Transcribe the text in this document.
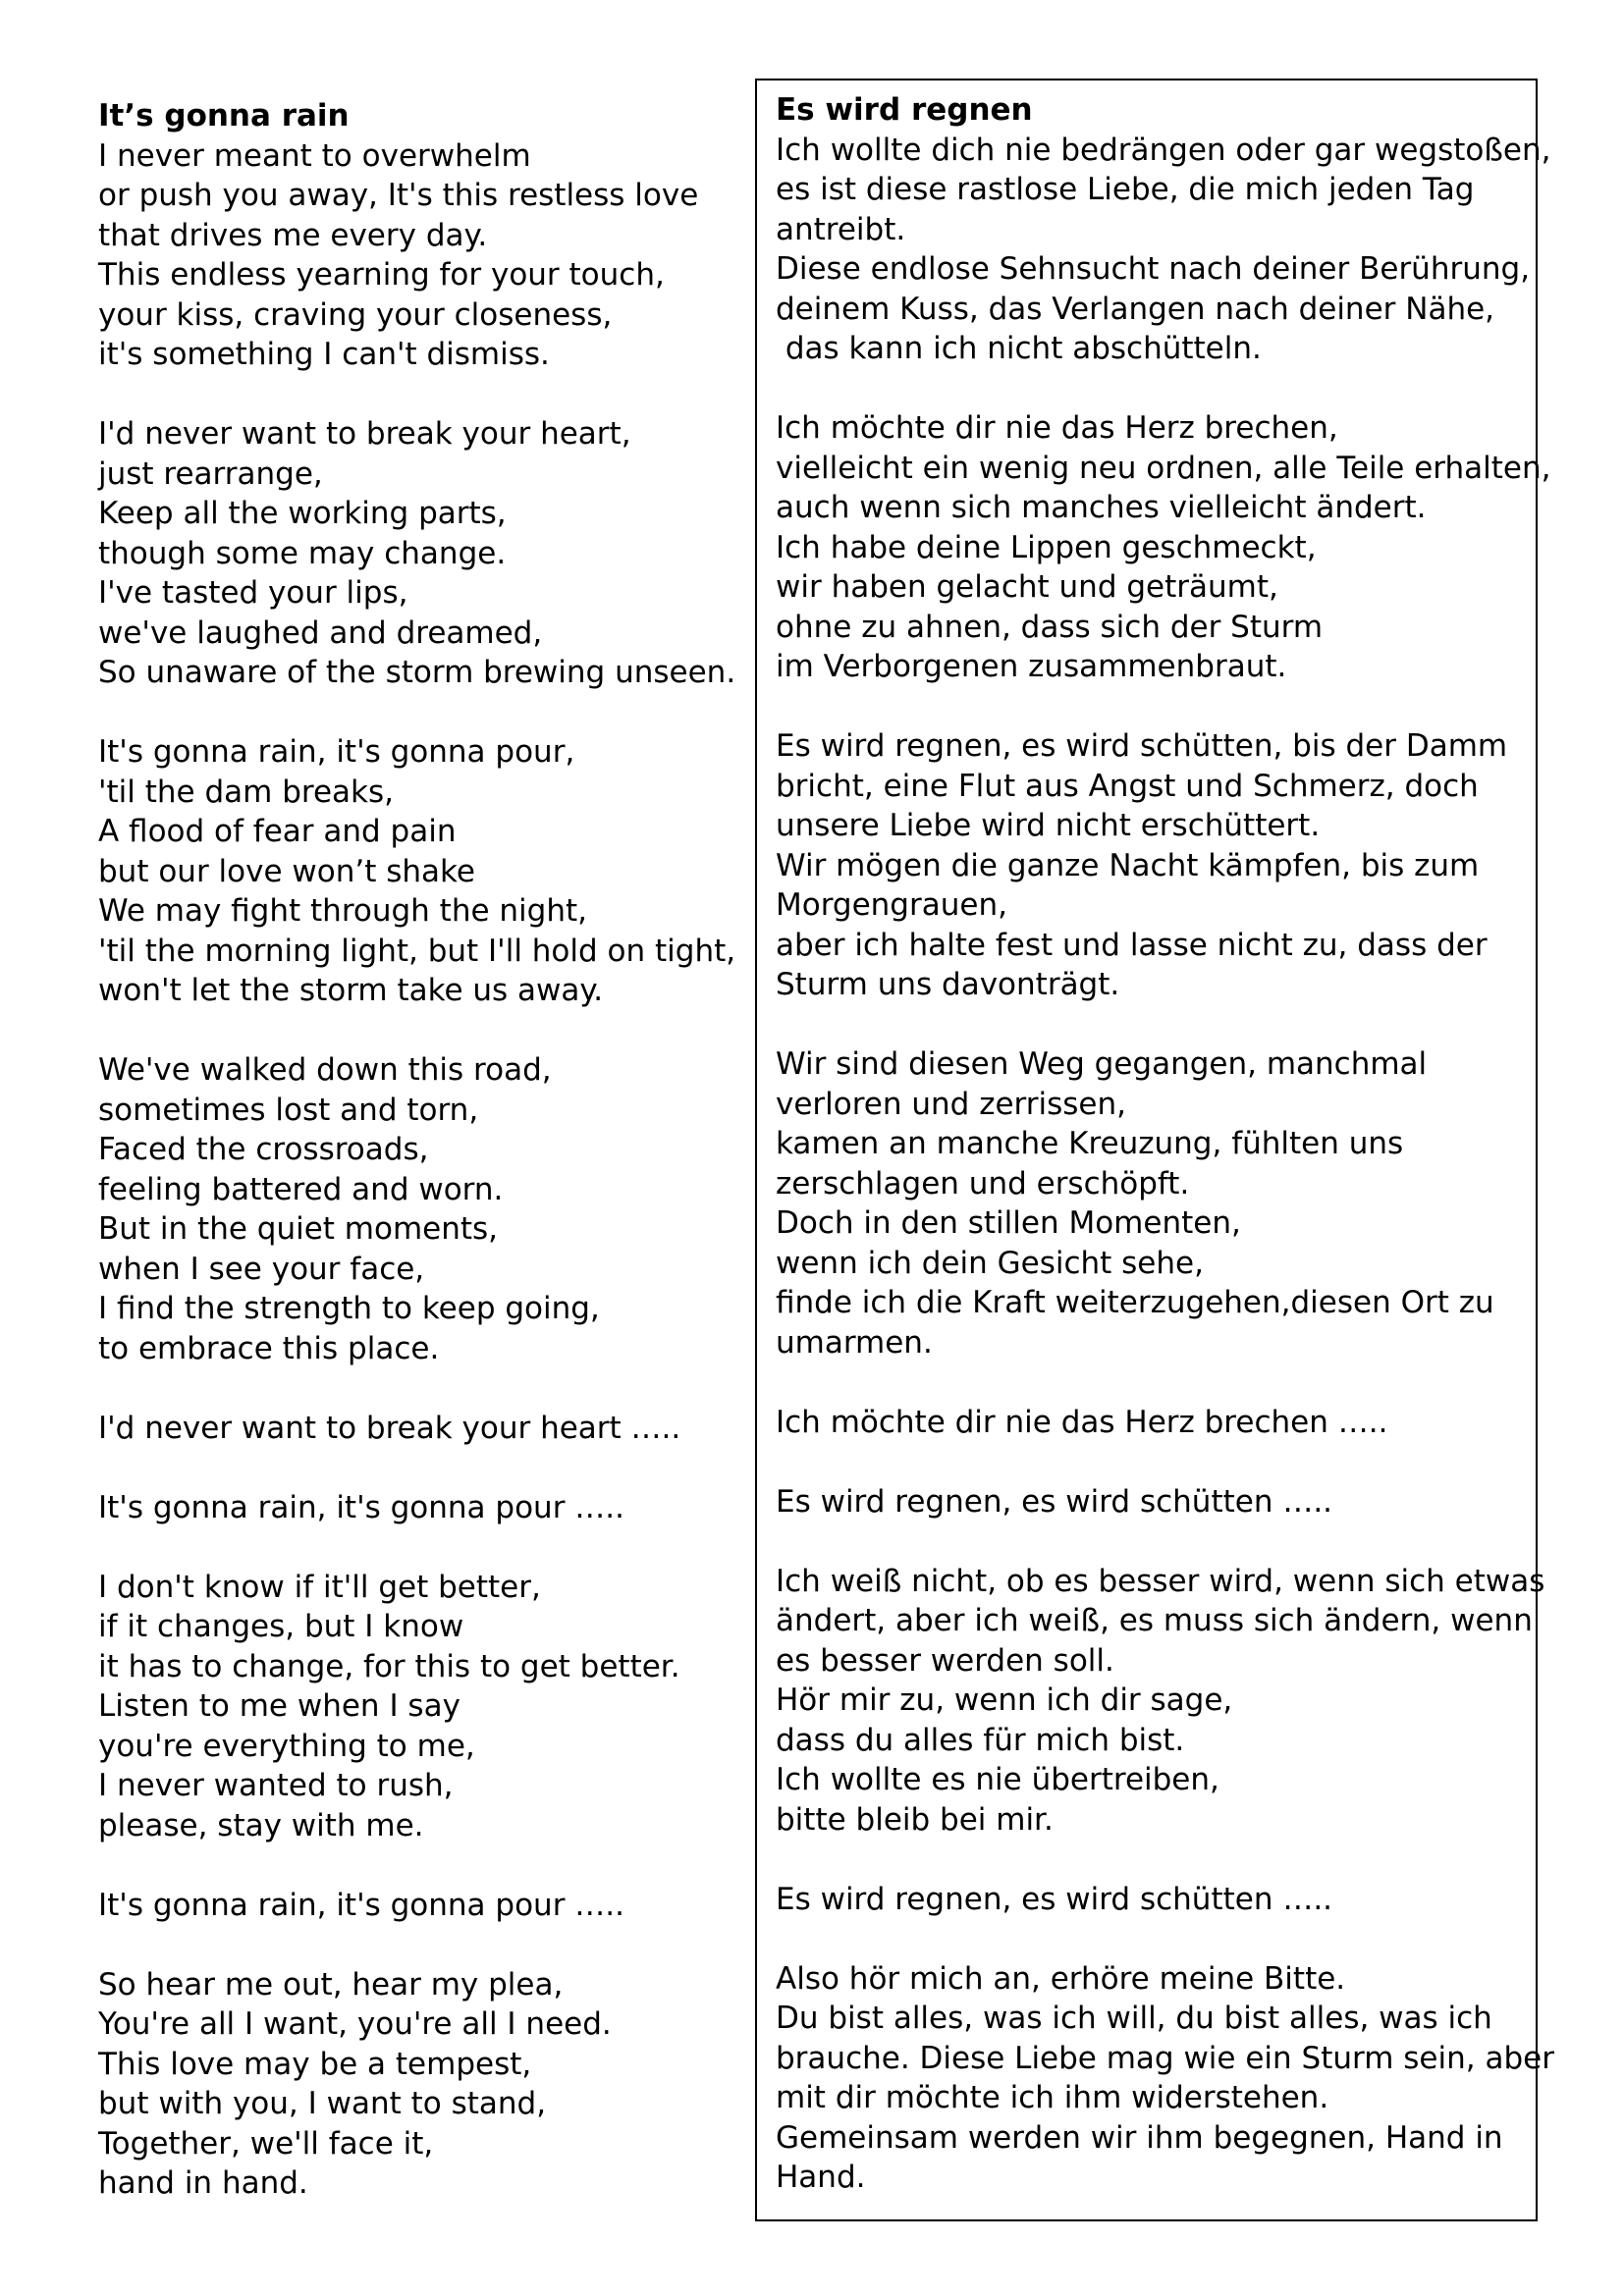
It’s gonna rain
I never meant to overwhelm
or push you away, It's this restless love
that drives me every day.
This endless yearning for your touch,
your kiss, craving your closeness,
it's something I can't dismiss.
I'd never want to break your heart,
just rearrange,
Keep all the working parts,
though some may change.
I've tasted your lips,
we've laughed and dreamed,
So unaware of the storm brewing unseen.
It's gonna rain, it's gonna pour,
'til the dam breaks,
A flood of fear and pain
but our love won’t shake
We may fight through the night,
'til the morning light, but I'll hold on tight,
won't let the storm take us away.
We've walked down this road,
sometimes lost and torn,
Faced the crossroads,
feeling battered and worn.
But in the quiet moments,
when I see your face,
I find the strength to keep going,
to embrace this place.
I'd never want to break your heart …..
It's gonna rain, it's gonna pour …..
I don't know if it'll get better,
if it changes, but I know
it has to change, for this to get better.
Listen to me when I say
you're everything to me,
I never wanted to rush,
please, stay with me.
It's gonna rain, it's gonna pour …..
So hear me out, hear my plea,
You're all I want, you're all I need.
This love may be a tempest,
but with you, I want to stand,
Together, we'll face it,
hand in hand.
Es wird regnen
Ich wollte dich nie bedrängen oder gar wegstoßen,
es ist diese rastlose Liebe, die mich jeden Tag
antreibt.
Diese endlose Sehnsucht nach deiner Berührung,
deinem Kuss, das Verlangen nach deiner Nähe,
das kann ich nicht abschütteln.
Ich möchte dir nie das Herz brechen,
vielleicht ein wenig neu ordnen, alle Teile erhalten,
auch wenn sich manches vielleicht ändert.
Ich habe deine Lippen geschmeckt,
wir haben gelacht und geträumt,
ohne zu ahnen, dass sich der Sturm
im Verborgenen zusammenbraut.
Es wird regnen, es wird schütten, bis der Damm
bricht, eine Flut aus Angst und Schmerz, doch
unsere Liebe wird nicht erschüttert.
Wir mögen die ganze Nacht kämpfen, bis zum
Morgengrauen,
aber ich halte fest und lasse nicht zu, dass der
Sturm uns davonträgt.
Wir sind diesen Weg gegangen, manchmal
verloren und zerrissen,
kamen an manche Kreuzung, fühlten uns
zerschlagen und erschöpft.
Doch in den stillen Momenten,
wenn ich dein Gesicht sehe,
finde ich die Kraft weiterzugehen,diesen Ort zu
umarmen.
Ich möchte dir nie das Herz brechen …..
Es wird regnen, es wird schütten …..
Ich weiß nicht, ob es besser wird, wenn sich etwas
ändert, aber ich weiß, es muss sich ändern, wenn
es besser werden soll.
Hör mir zu, wenn ich dir sage,
dass du alles für mich bist.
Ich wollte es nie übertreiben,
bitte bleib bei mir.
Es wird regnen, es wird schütten …..
Also hör mich an, erhöre meine Bitte.
Du bist alles, was ich will, du bist alles, was ich
brauche. Diese Liebe mag wie ein Sturm sein, aber
mit dir möchte ich ihm widerstehen.
Gemeinsam werden wir ihm begegnen, Hand in
Hand.
